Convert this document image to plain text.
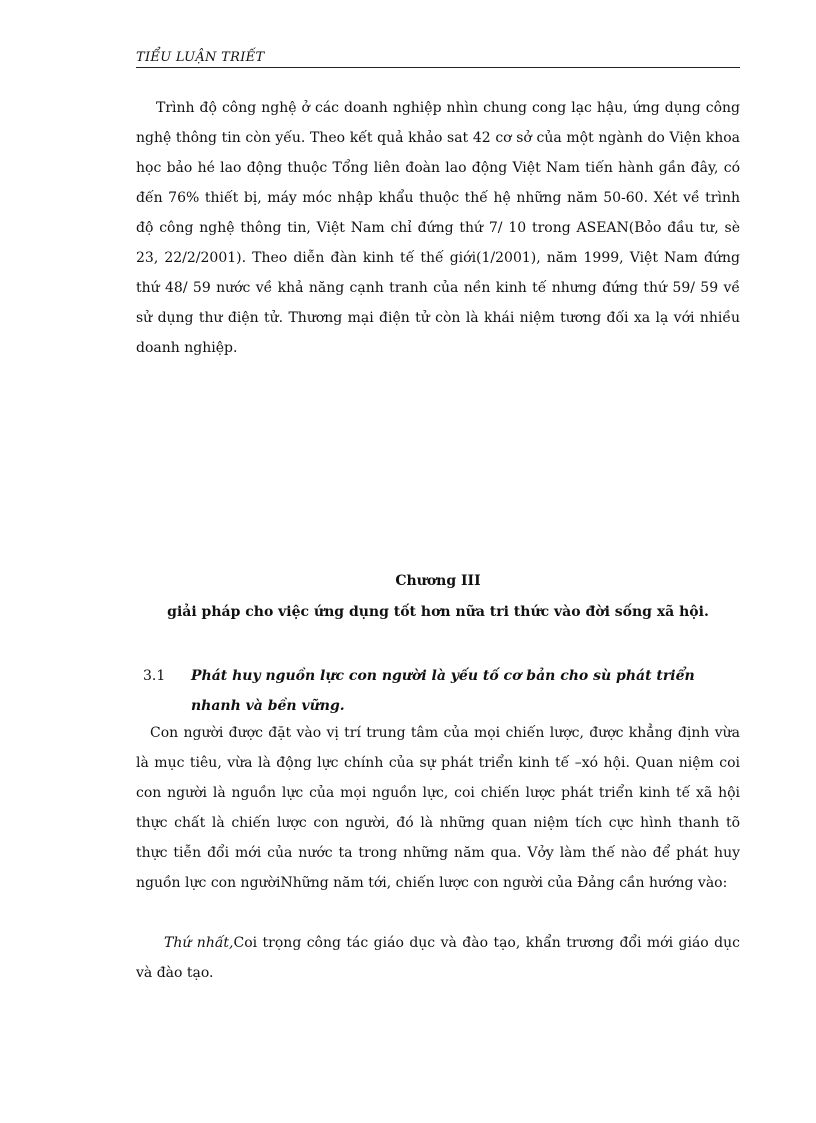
TIỂU LUẬN TRIẾT

Trình độ công nghệ ở các doanh nghiệp nhìn chung cong lạc hậu, ứng dụng công nghệ thông tin còn yếu. Theo kết quả khảo sat 42 cơ sở của một ngành do Viện khoa học bảo hé lao động thuộc Tổng liên đoàn lao động Việt Nam tiến hành gần đây, có đến 76% thiết bị, máy móc nhập khẩu thuộc thế hệ những năm 50-60. Xét về trình độ công nghệ thông tin, Việt Nam chỉ đứng thứ 7/ 10 trong ASEAN(Bỏo đầu tư, sè 23, 22/2/2001). Theo diễn đàn kinh tế thế giới(1/2001), năm 1999, Việt Nam đứng thứ 48/ 59 nước về khả năng cạnh tranh của nền kinh tế nhưng đứng thứ 59/ 59 về sử dụng thư điện tử. Thương mại điện tử còn là khái niệm tương đối xa lạ với nhiều doanh nghiệp.

Chương III
giải pháp cho việc ứng dụng tốt hơn nữa tri thức vào đời sống xã hội.
3.1 Phát huy nguồn lực con người là yếu tố cơ bản cho sù phát triển nhanh và bền vững.

Con người được đặt vào vị trí trung tâm của mọi chiến lược, được khẳng định vừa là mục tiêu, vừa là động lực chính của sự phát triển kinh tế –xó hội. Quan niệm coi con người là nguồn lực của mọi nguồn lực, coi chiến lược phát triển kinh tế xã hội thực chất là chiến lược con người, đó là những quan niệm tích cực hình thanh tõ thực tiễn đổi mới của nước ta trong những năm qua. Vởy làm thế nào để phát huy nguồn lực con ngườiNhững năm tới, chiến lược con người của Đảng cần hướng vào:

Thứ nhất,Coi trọng công tác giáo dục và đào tạo, khẩn trương đổi mới giáo dục và đào tạo.
